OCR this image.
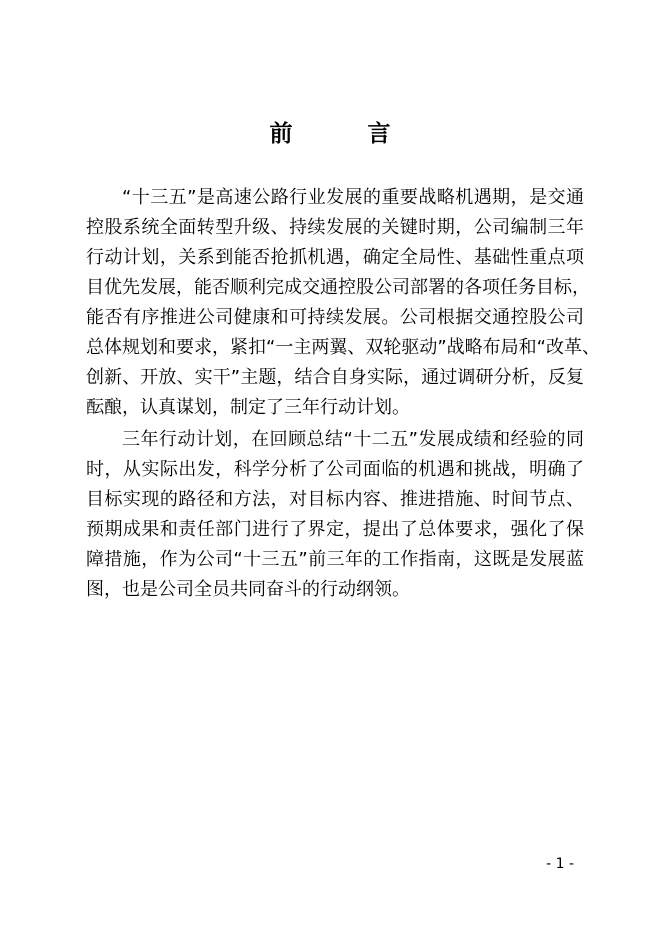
前　言
“十三五”是高速公路行业发展的重要战略机遇期，是交通
控股系统全面转型升级、持续发展的关键时期，公司编制三年
行动计划，关系到能否抢抓机遇，确定全局性、基础性重点项
目优先发展，能否顺利完成交通控股公司部署的各项任务目标，
能否有序推进公司健康和可持续发展。公司根据交通控股公司
总体规划和要求，紧扣“一主两翼、双轮驱动”战略布局和“改革、
创新、开放、实干”主题，结合自身实际，通过调研分析，反复
酝酿，认真谋划，制定了三年行动计划。
三年行动计划，在回顾总结“十二五”发展成绩和经验的同
时，从实际出发，科学分析了公司面临的机遇和挑战，明确了
目标实现的路径和方法，对目标内容、推进措施、时间节点、
预期成果和责任部门进行了界定，提出了总体要求，强化了保
障措施，作为公司“十三五”前三年的工作指南，这既是发展蓝
图，也是公司全员共同奋斗的行动纲领。
- 1 -
